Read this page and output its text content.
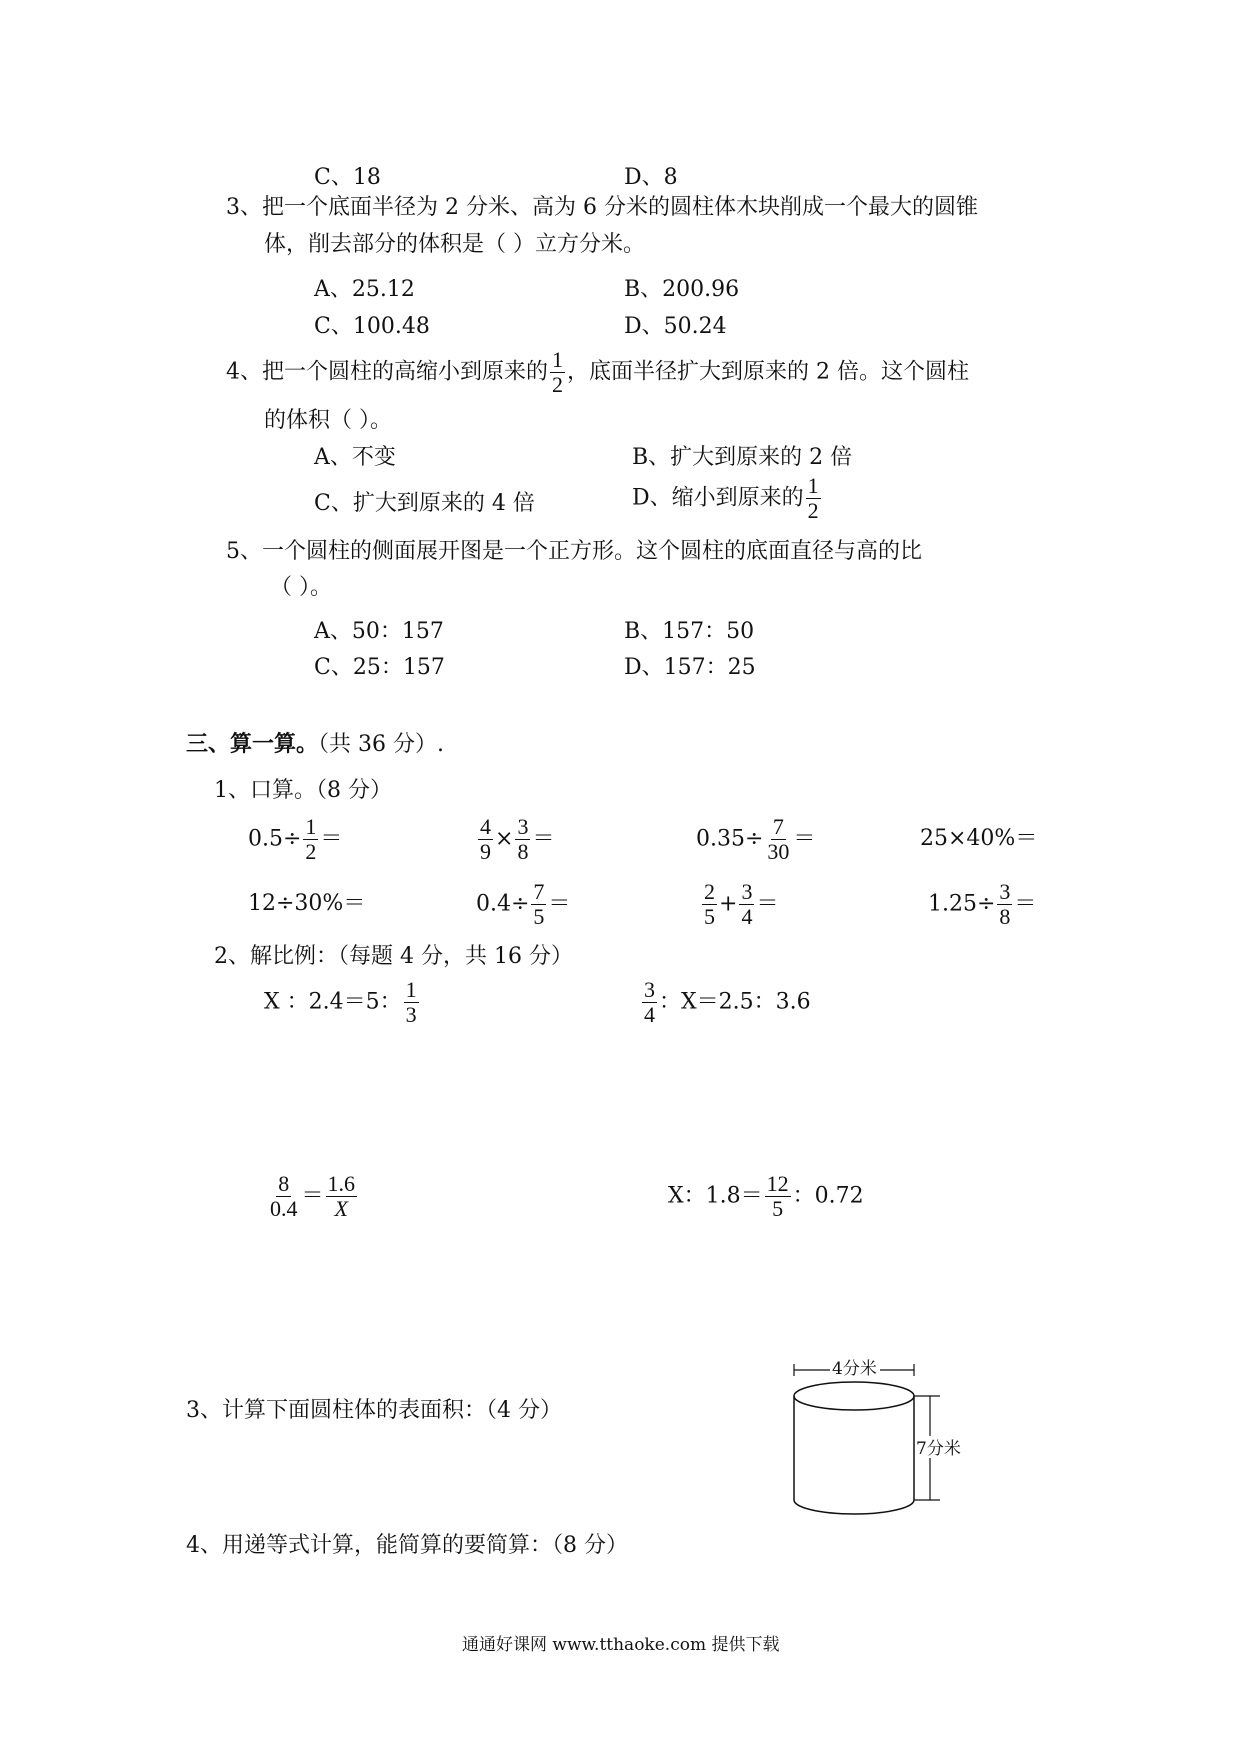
C、18	D、8
3、把一个底面半径为 2 分米、高为 6 分米的圆柱体木块削成一个最大的圆锥
体，削去部分的体积是（ ）立方分米。
A、25.12	B、200.96
C、100.48	D、50.24
4、把一个圆柱的高缩小到原来的 $\frac{1}{2}$ ，底面半径扩大到原来的 2 倍。这个圆柱
的体积（ ）。
A、不变	B、扩大到原来的 2 倍
C、扩大到原来的 4 倍	D、缩小到原来的 $\frac{1}{2}$
5、一个圆柱的侧面展开图是一个正方形。这个圆柱的底面直径与高的比
（ ）。
A、50：157	B、157：50
C、25：157	D、157：25
三、算一算。（共 36 分）.
1、口算。（8 分）
$0.5\div \frac{1}{2}$ ＝	$\frac{4}{9} \times \frac{3}{8}$ ＝	$0.35\div \frac{7}{30}$ ＝	25×40%＝
12÷30%＝	$0.4\div \frac{7}{5}$ ＝	$\frac{2}{5} + \frac{3}{4}$ ＝	$1.25\div \frac{3}{8}$ ＝
2、解比例：（每题 4 分，共 16 分）
X ：2.4＝5： $\frac{1}{3}$	$\frac{3}{4}$ ：X＝2.5：3.6
$\frac{8}{0.4} = \frac{1.6}{X}$	X：$1.8= \frac{12}{5}$ ：0.72
3、计算下面圆柱体的表面积：（4 分）
4分米
7分米
4、用递等式计算，能简算的要简算：（8 分）
通通好课网 www.tthaoke.com 提供下载
